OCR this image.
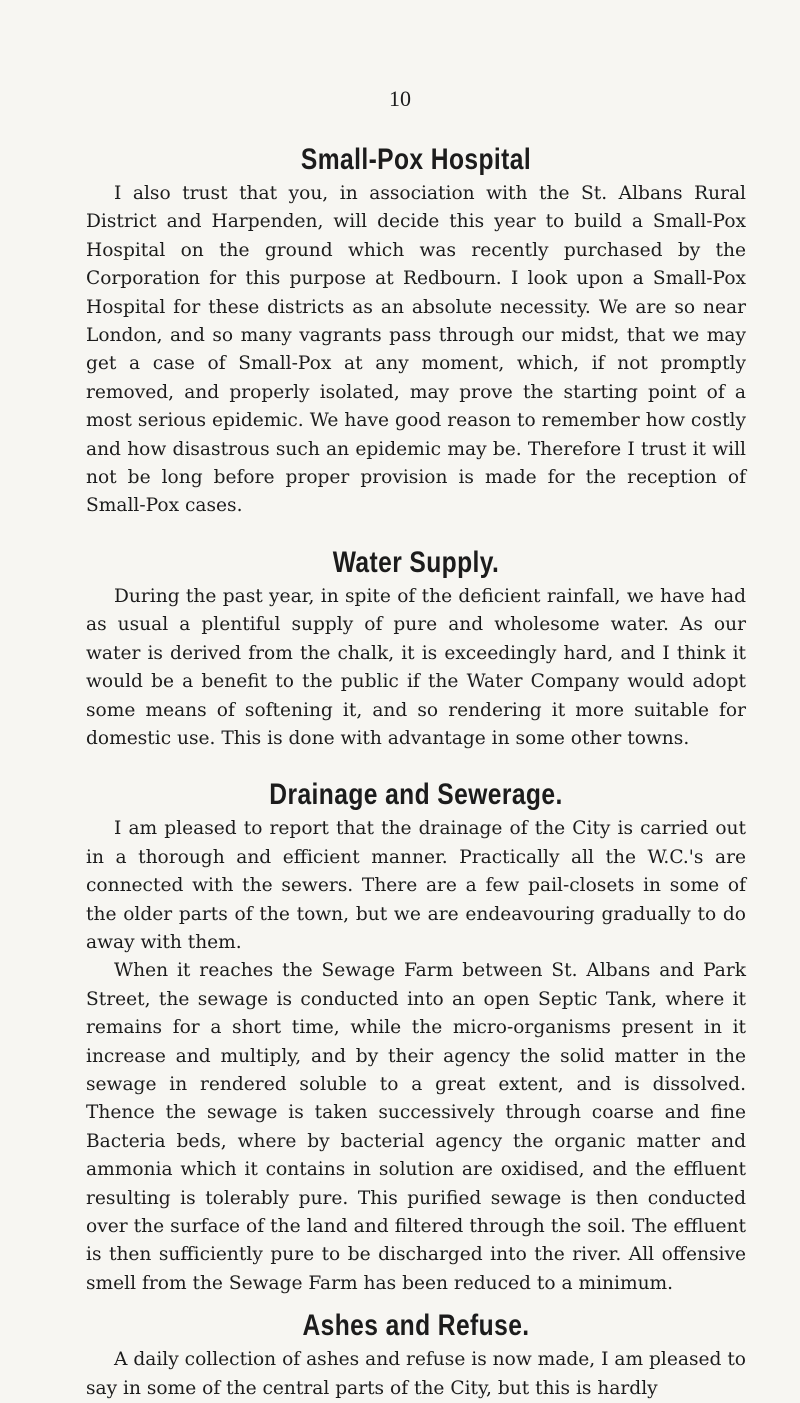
10
Small-Pox Hospital

I also trust that you, in association with the St. Albans Rural District and Harpenden, will decide this year to build a Small-Pox Hospital on the ground which was recently purchased by the Corporation for this purpose at Redbourn. I look upon a Small-Pox Hospital for these districts as an absolute necessity. We are so near London, and so many vagrants pass through our midst, that we may get a case of Small-Pox at any moment, which, if not promptly removed, and properly isolated, may prove the starting point of a most serious epidemic. We have good reason to remember how costly and how disastrous such an epidemic may be. Therefore I trust it will not be long before proper provision is made for the reception of Small-Pox cases.

Water Supply.

During the past year, in spite of the deficient rainfall, we have had as usual a plentiful supply of pure and wholesome water. As our water is derived from the chalk, it is exceedingly hard, and I think it would be a benefit to the public if the Water Company would adopt some means of softening it, and so rendering it more suitable for domestic use. This is done with advantage in some other towns.

Drainage and Sewerage.

I am pleased to report that the drainage of the City is carried out in a thorough and efficient manner. Practically all the W.C.'s are connected with the sewers. There are a few pail-closets in some of the older parts of the town, but we are endeavouring gradually to do away with them.

When it reaches the Sewage Farm between St. Albans and Park Street, the sewage is conducted into an open Septic Tank, where it remains for a short time, while the micro-organisms present in it increase and multiply, and by their agency the solid matter in the sewage in rendered soluble to a great extent, and is dissolved. Thence the sewage is taken successively through coarse and fine Bacteria beds, where by bacterial agency the organic matter and ammonia which it contains in solution are oxidised, and the effluent resulting is tolerably pure. This purified sewage is then conducted over the surface of the land and filtered through the soil. The effluent is then sufficiently pure to be discharged into the river. All offensive smell from the Sewage Farm has been reduced to a minimum.

Ashes and Refuse.

A daily collection of ashes and refuse is now made, I am pleased to say in some of the central parts of the City, but this is hardly
